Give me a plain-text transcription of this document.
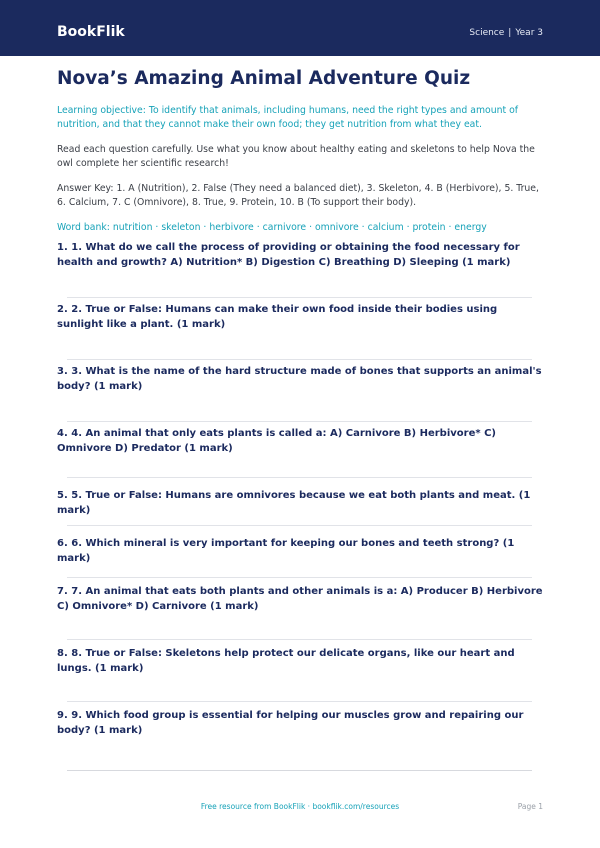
BookFlik	Science | Year 3
Nova’s Amazing Animal Adventure Quiz
Learning objective: To identify that animals, including humans, need the right types and amount of nutrition, and that they cannot make their own food; they get nutrition from what they eat.
Read each question carefully. Use what you know about healthy eating and skeletons to help Nova the owl complete her scientific research!
Answer Key: 1. A (Nutrition), 2. False (They need a balanced diet), 3. Skeleton, 4. B (Herbivore), 5. True, 6. Calcium, 7. C (Omnivore), 8. True, 9. Protein, 10. B (To support their body).
Word bank: nutrition · skeleton · herbivore · carnivore · omnivore · calcium · protein · energy
1. 1. What do we call the process of providing or obtaining the food necessary for health and growth? A) Nutrition* B) Digestion C) Breathing D) Sleeping (1 mark)
2. 2. True or False: Humans can make their own food inside their bodies using sunlight like a plant. (1 mark)
3. 3. What is the name of the hard structure made of bones that supports an animal's body? (1 mark)
4. 4. An animal that only eats plants is called a: A) Carnivore B) Herbivore* C) Omnivore D) Predator (1 mark)
5. 5. True or False: Humans are omnivores because we eat both plants and meat. (1 mark)
6. 6. Which mineral is very important for keeping our bones and teeth strong? (1 mark)
7. 7. An animal that eats both plants and other animals is a: A) Producer B) Herbivore C) Omnivore* D) Carnivore (1 mark)
8. 8. True or False: Skeletons help protect our delicate organs, like our heart and lungs. (1 mark)
9. 9. Which food group is essential for helping our muscles grow and repairing our body? (1 mark)
Free resource from BookFlik · bookflik.com/resources	Page 1
